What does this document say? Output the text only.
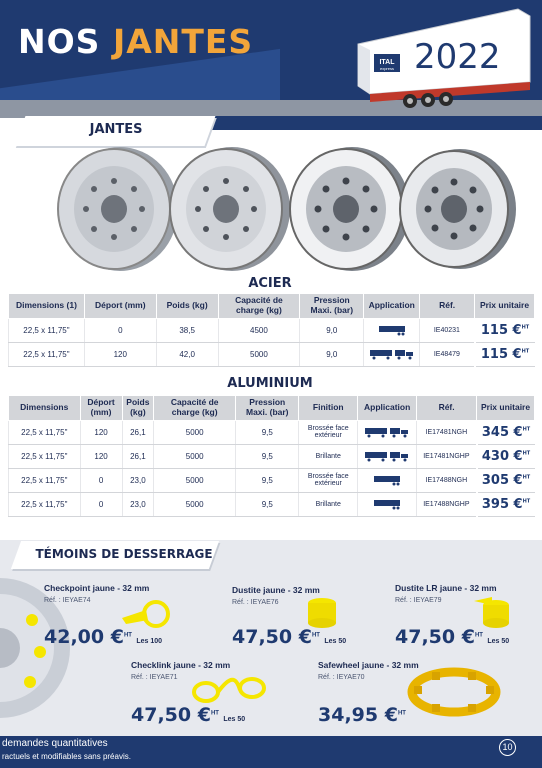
NOS JANTES
ITAL
express 2022
JANTES
ACIER
Dimensions (1)	Déport (mm)	Poids (kg)	Capacité de charge (kg)	Pression Maxi. (bar)	Application	Réf.	Prix unitaire
22,5 x 11,75"	0	38,5	4500	9,0		IE40231	115 €$^{HT}$
22,5 x 11,75"	120	42,0	5000	9,0		IE48479	115 €$^{HT}$
ALUMINIUM
Dimensions	Déport (mm)	Poids (kg)	Capacité de charge (kg)	Pression Maxi. (bar)	Finition	Application	Réf.	Prix unitaire
22,5 x 11,75"	120	26,1	5000	9,5	Brossée face extérieur		IE17481NGH	345 €$^{HT}$
22,5 x 11,75"	120	26,1	5000	9,5	Brillante		IE17481NGHP	430 €$^{HT}$
22,5 x 11,75"	0	23,0	5000	9,5	Brossée face extérieur		IE17488NGH	305 €$^{HT}$
22,5 x 11,75"	0	23,0	5000	9,5	Brillante		IE17488NGHP	395 €$^{HT}$
TÉMOINS DE DESSERRAGE
Checkpoint jaune - 32 mm
Réf. : IEYAE74
42,00 €$^{HT}$ Les 100
Dustite jaune - 32 mm
Réf. : IEYAE76
47,50 €$^{HT}$ Les 50
Dustite LR jaune - 32 mm
Réf. : IEYAE79
47,50 €$^{HT}$ Les 50
Checklink jaune - 32 mm
Réf. : IEYAE71
47,50 €$^{HT}$ Les 50
Safewheel jaune - 32 mm
Réf. : IEYAE70
34,95 €$^{HT}$
demandes quantitatives
ractuels et modifiables sans préavis.
10
